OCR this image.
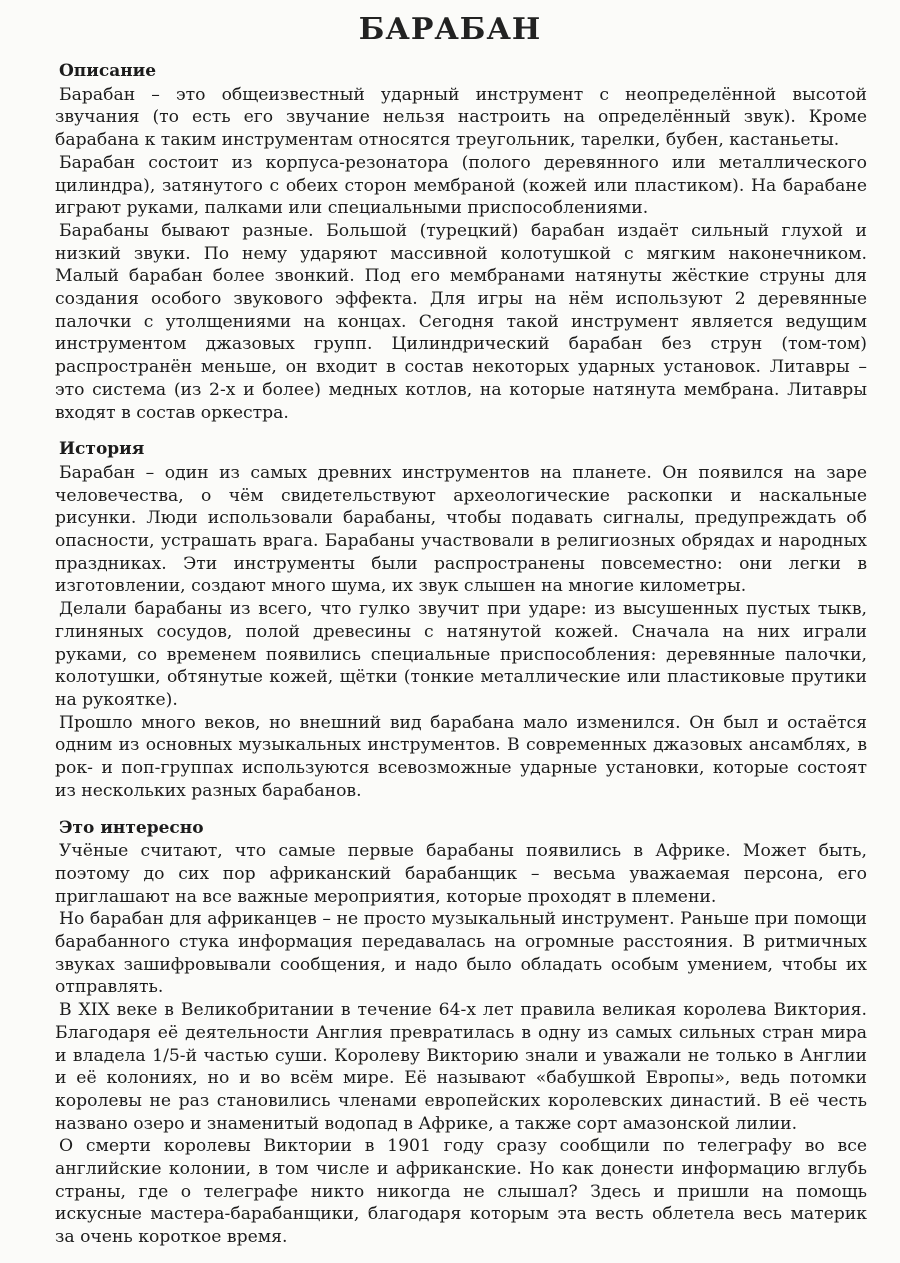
БАРАБАН
Описание

Барабан – это общеизвестный ударный инструмент с неопределённой высотой звучания (то есть его звучание нельзя настроить на определённый звук). Кроме барабана к таким инструментам относятся треугольник, тарелки, бубен, кастаньеты.

Барабан состоит из корпуса-резонатора (полого деревянного или металлического цилиндра), затянутого с обеих сторон мембраной (кожей или пластиком). На барабане играют руками, палками или специальными приспособлениями.

Барабаны бывают разные. Большой (турецкий) барабан издаёт сильный глухой и низкий звуки. По нему ударяют массивной колотушкой с мягким наконечником. Малый барабан более звонкий. Под его мембранами натянуты жёсткие струны для создания особого звукового эффекта. Для игры на нём используют 2 деревянные палочки с утолщениями на концах. Сегодня такой инструмент является ведущим инструментом джазовых групп. Цилиндрический барабан без струн (том-том) распространён меньше, он входит в состав некоторых ударных установок. Литавры – это система (из 2-х и более) медных котлов, на которые натянута мембрана. Литавры входят в состав оркестра.

История

Барабан – один из самых древних инструментов на планете. Он появился на заре человечества, о чём свидетельствуют археологические раскопки и наскальные рисунки. Люди использовали барабаны, чтобы подавать сигналы, предупреждать об опасности, устрашать врага. Барабаны участвовали в религиозных обрядах и народных праздниках. Эти инструменты были распространены повсеместно: они легки в изготовлении, создают много шума, их звук слышен на многие километры.

Делали барабаны из всего, что гулко звучит при ударе: из высушенных пустых тыкв, глиняных сосудов, полой древесины с натянутой кожей. Сначала на них играли руками, со временем появились специальные приспособления: деревянные палочки, колотушки, обтянутые кожей, щётки (тонкие металлические или пластиковые прутики на рукоятке).

Прошло много веков, но внешний вид барабана мало изменился. Он был и остаётся одним из основных музыкальных инструментов. В современных джазовых ансамблях, в рок- и поп-группах используются всевозможные ударные установки, которые состоят из нескольких разных барабанов.

Это интересно

Учёные считают, что самые первые барабаны появились в Африке. Может быть, поэтому до сих пор африканский барабанщик – весьма уважаемая персона, его приглашают на все важные мероприятия, которые проходят в племени.

Но барабан для африканцев – не просто музыкальный инструмент. Раньше при помощи барабанного стука информация передавалась на огромные расстояния. В ритмичных звуках зашифровывали сообщения, и надо было обладать особым умением, чтобы их отправлять.

В XIX веке в Великобритании в течение 64-х лет правила великая королева Виктория. Благодаря её деятельности Англия превратилась в одну из самых сильных стран мира и владела 1/5-й частью суши. Королеву Викторию знали и уважали не только в Англии и её колониях, но и во всём мире. Её называют «бабушкой Европы», ведь потомки королевы не раз становились членами европейских королевских династий. В её честь названо озеро и знаменитый водопад в Африке, а также сорт амазонской лилии.

О смерти королевы Виктории в 1901 году сразу сообщили по телеграфу во все английские колонии, в том числе и африканские. Но как донести информацию вглубь страны, где о телеграфе никто никогда не слышал? Здесь и пришли на помощь искусные мастера-барабанщики, благодаря которым эта весть облетела весь материк за очень короткое время.
